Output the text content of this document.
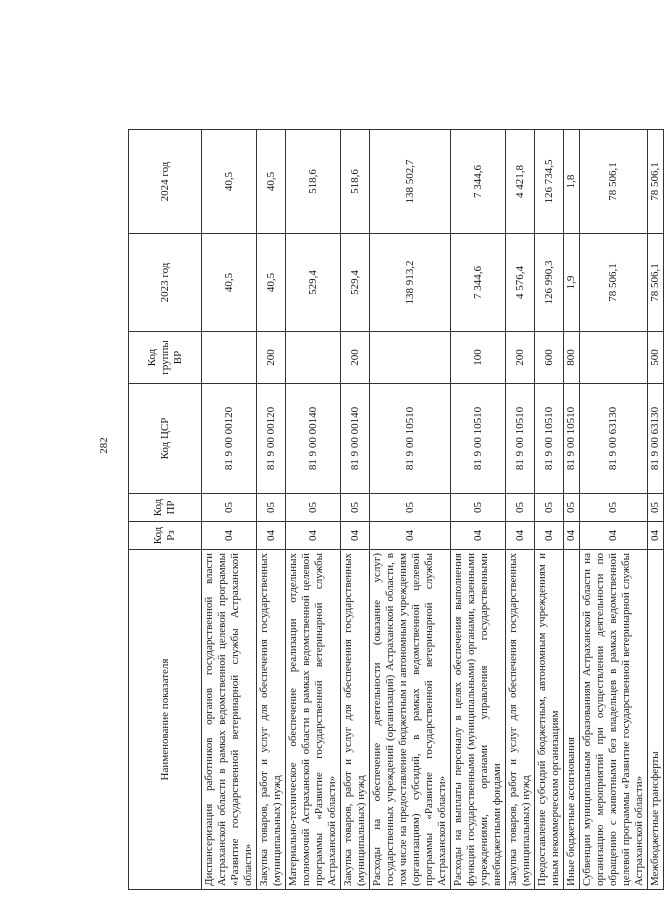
282
Наименование показателя	Код Рз	Код ПР	Код ЦСР	Код группы ВР	2023 год	2024 год
Диспансеризация работников органов государственной власти Астраханской области в рамках ведомственной целевой программы «Развитие государственной ветеринарной службы Астраханской области»	04	05	81 9 00 00120		40,5	40,5
Закупка товаров, работ и услуг для обеспечения государственных (муниципальных) нужд	04	05	81 9 00 00120	200	40,5	40,5
Материально-техническое обеспечение реализации отдельных полномочий Астраханской области в рамках ведомственной целевой программы «Развитие государственной ветеринарной службы Астраханской области»	04	05	81 9 00 00140		529,4	518,6
Закупка товаров, работ и услуг для обеспечения государственных (муниципальных) нужд	04	05	81 9 00 00140	200	529,4	518,6
Расходы на обеспечение деятельности (оказание услуг) государственных учреждений (организаций) Астраханской области, в том числе на предоставление бюджетным и автономным учреждениям (организациям) субсидий, в рамках ведомственной целевой программы «Развитие государственной ветеринарной службы Астраханской области»	04	05	81 9 00 10510		138 913,2	138 502,7
Расходы на выплаты персоналу в целях обеспечения выполнения функций государственными (муниципальными) органами, казенными учреждениями, органами управления государственными внебюджетными фондами	04	05	81 9 00 10510	100	7 344,6	7 344,6
Закупка товаров, работ и услуг для обеспечения государственных (муниципальных) нужд	04	05	81 9 00 10510	200	4 576,4	4 421,8
Предоставление субсидий бюджетным, автономным учреждениям и иным некоммерческим организациям	04	05	81 9 00 10510	600	126 990,3	126 734,5
Иные бюджетные ассигнования	04	05	81 9 00 10510	800	1,9	1,8
Субвенции муниципальным образованиям Астраханской области на организацию мероприятий при осуществлении деятельности по обращению с животными без владельцев в рамках ведомственной целевой программы «Развитие государственной ветеринарной службы Астраханской области»	04	05	81 9 00 63130		78 506,1	78 506,1
Межбюджетные трансферты	04	05	81 9 00 63130	500	78 506,1	78 506,1
